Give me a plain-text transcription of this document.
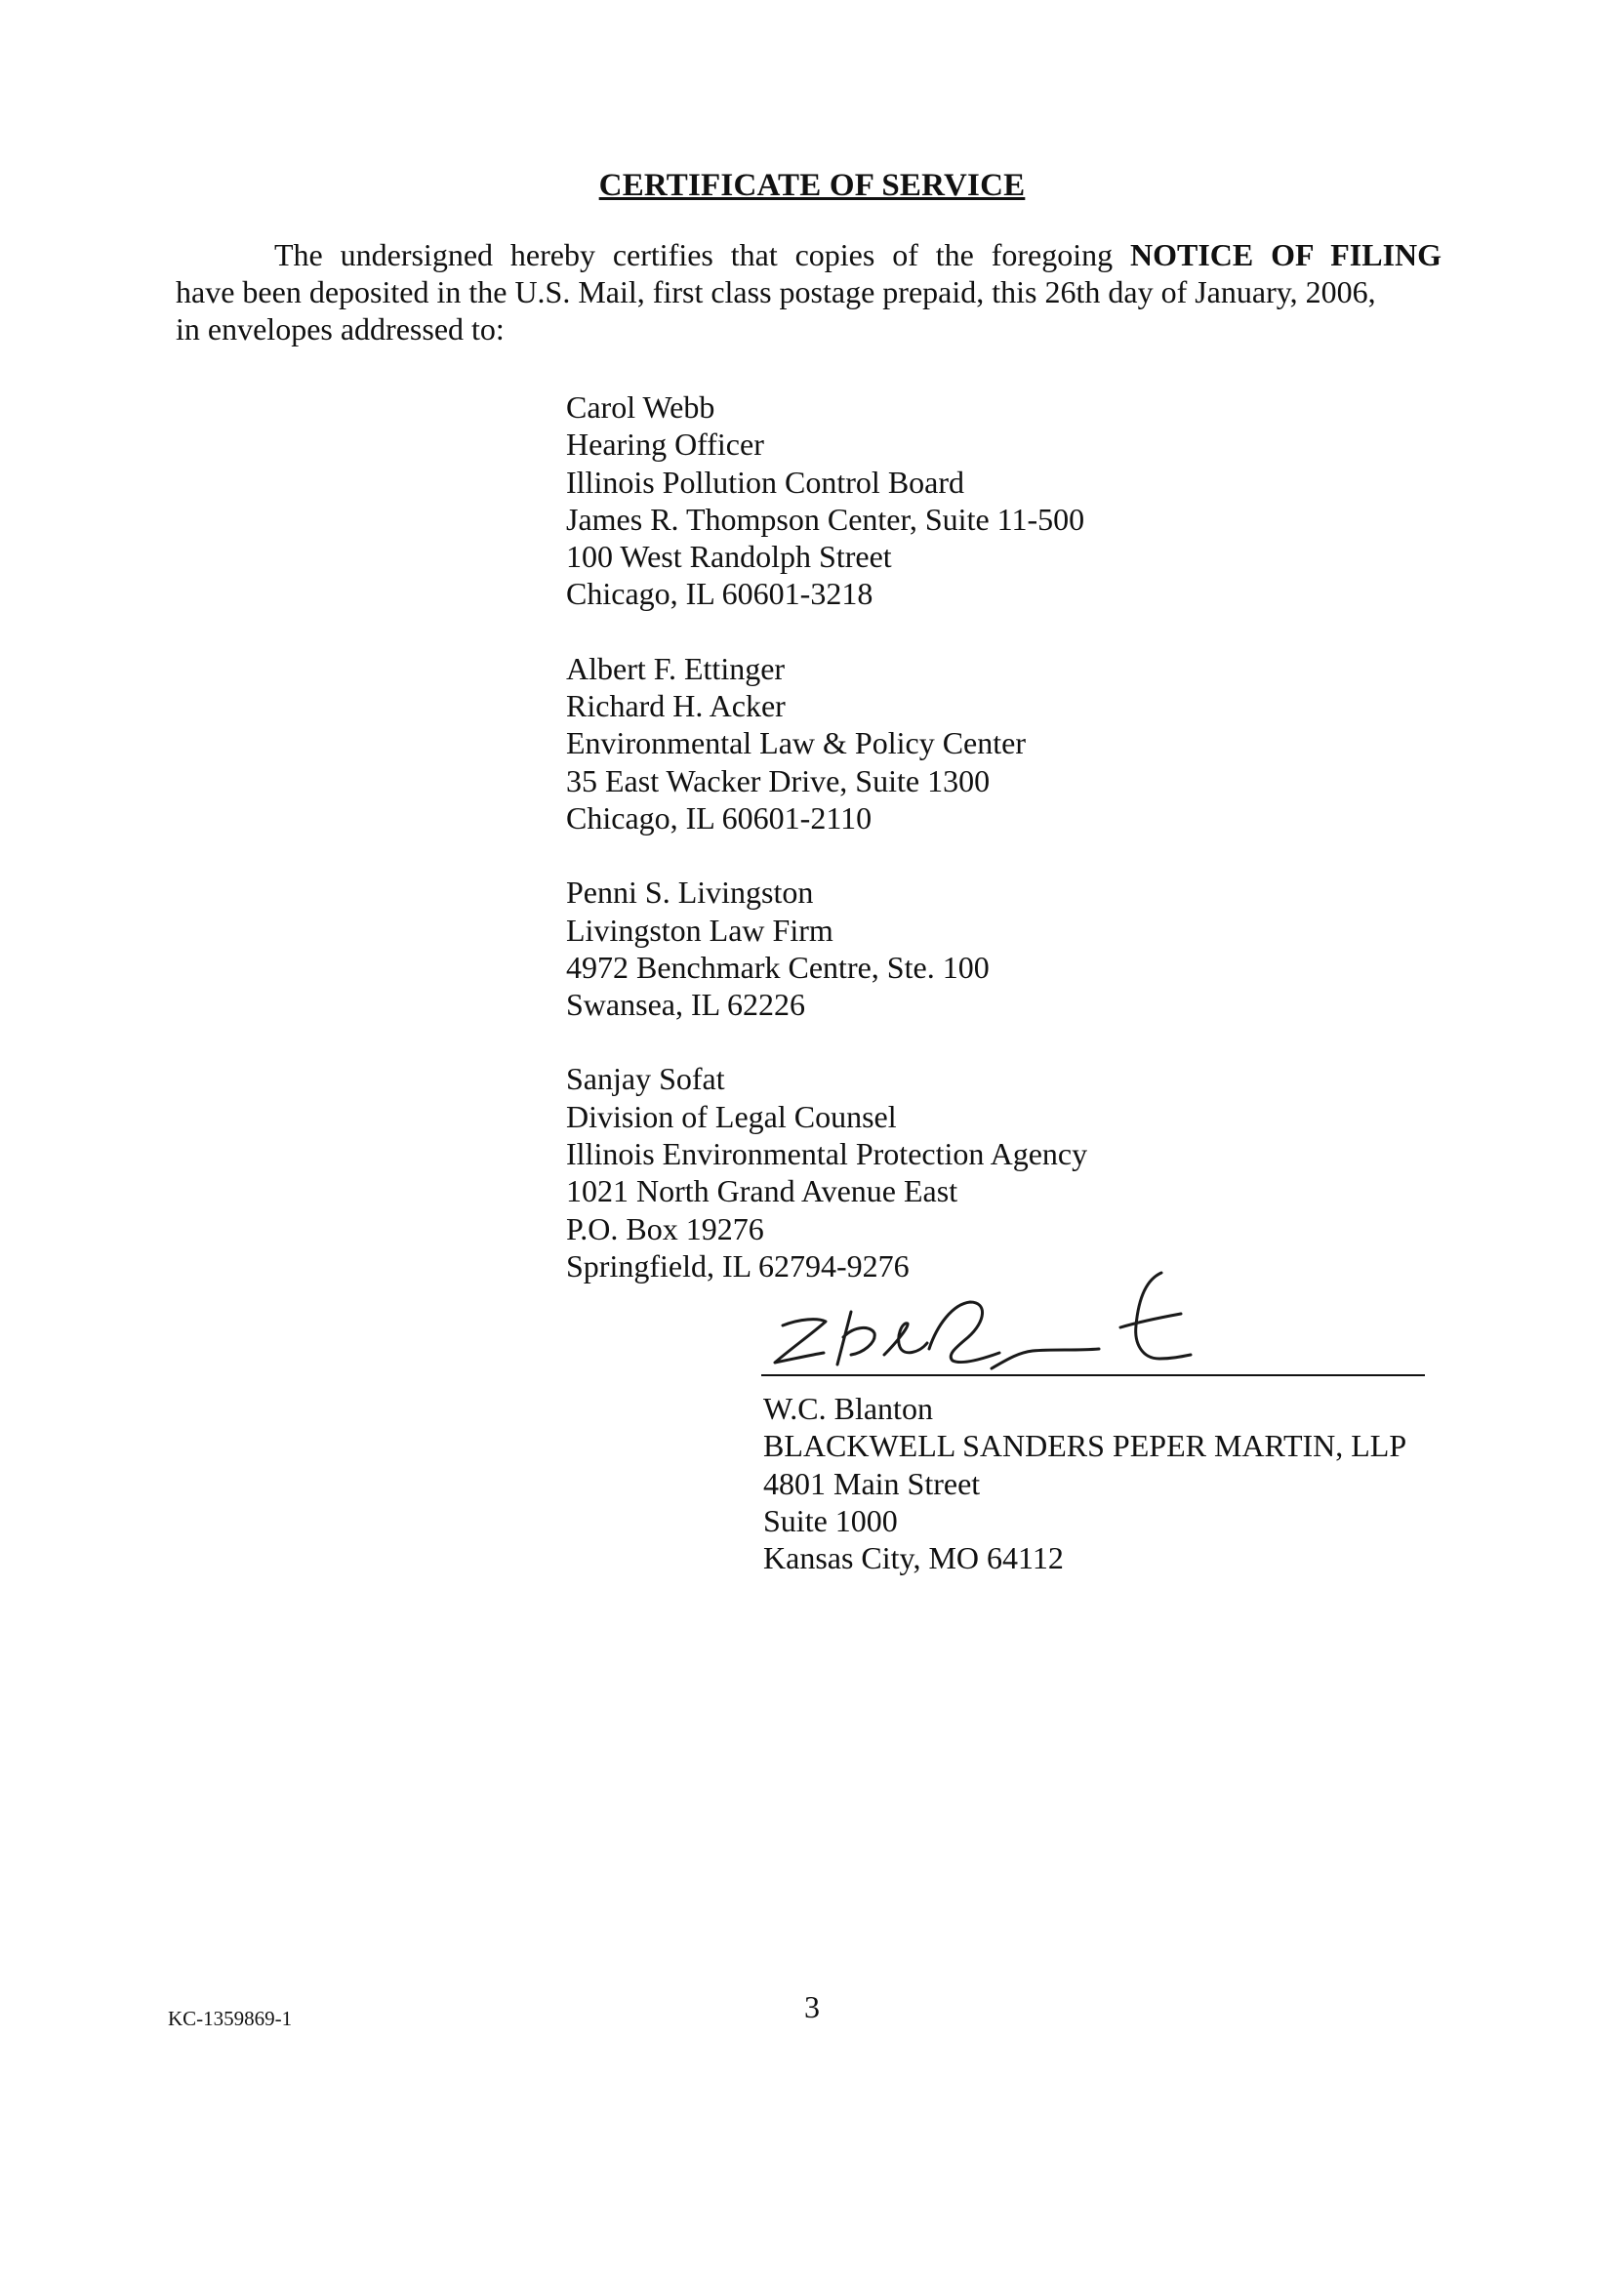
CERTIFICATE OF SERVICE
The undersigned hereby certifies that copies of the foregoing NOTICE OF FILING
have been deposited in the U.S. Mail, first class postage prepaid, this 26th day of January, 2006,
in envelopes addressed to:
Carol Webb
Hearing Officer
Illinois Pollution Control Board
James R. Thompson Center, Suite 11-500
100 West Randolph Street
Chicago, IL 60601-3218
Albert F. Ettinger
Richard H. Acker
Environmental Law & Policy Center
35 East Wacker Drive, Suite 1300
Chicago, IL 60601-2110
Penni S. Livingston
Livingston Law Firm
4972 Benchmark Centre, Ste. 100
Swansea, IL 62226
Sanjay Sofat
Division of Legal Counsel
Illinois Environmental Protection Agency
1021 North Grand Avenue East
P.O. Box 19276
Springfield, IL 62794-9276
W.C. Blanton
BLACKWELL SANDERS PEPER MARTIN, LLP
4801 Main Street
Suite 1000
Kansas City, MO 64112
KC-1359869-1	3
